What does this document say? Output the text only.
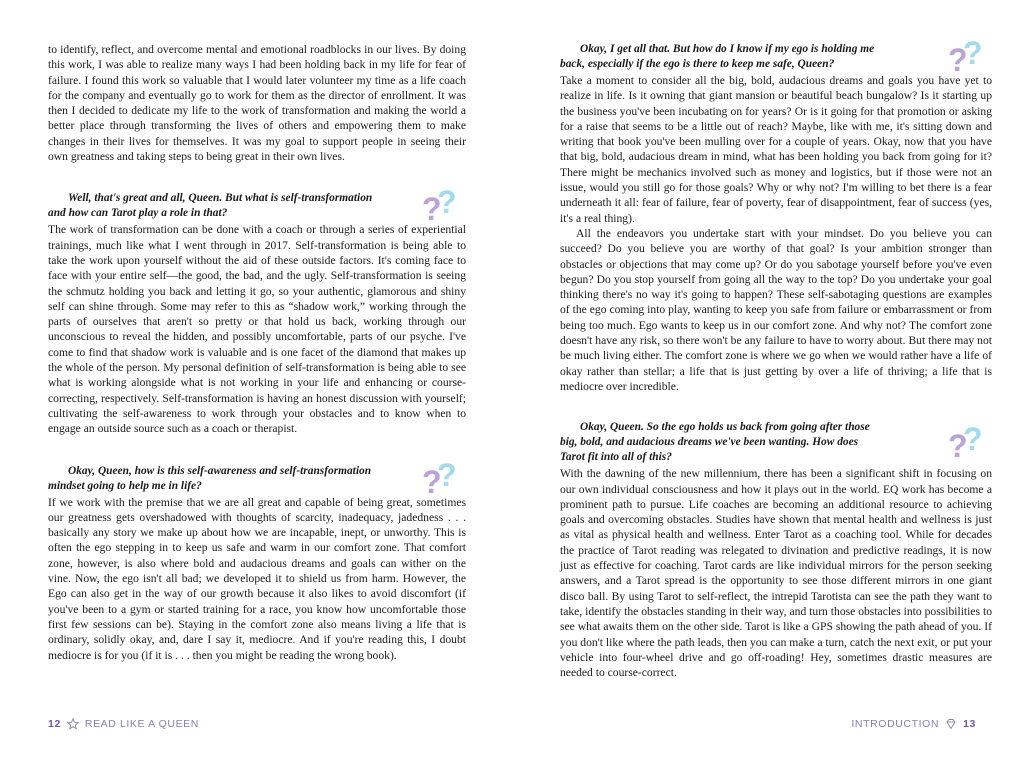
to identify, reflect, and overcome mental and emotional roadblocks in our lives. By doing this work, I was able to realize many ways I had been holding back in my life for fear of failure. I found this work so valuable that I would later volunteer my time as a life coach for the company and eventually go to work for them as the director of enrollment. It was then I decided to dedicate my life to the work of transformation and making the world a better place through transforming the lives of others and empowering them to make changes in their lives for themselves. It was my goal to support people in seeing their own greatness and taking steps to being great in their own lives.

Well, that's great and all, Queen. But what is self-transformation
and how can Tarot play a role in that?

The work of transformation can be done with a coach or through a series of experiential trainings, much like what I went through in 2017. Self-transformation is being able to take the work upon yourself without the aid of these outside factors. It's coming face to face with your entire self—the good, the bad, and the ugly. Self-transformation is seeing the schmutz holding you back and letting it go, so your authentic, glamorous and shiny self can shine through. Some may refer to this as “shadow work,” working through the parts of ourselves that aren't so pretty or that hold us back, working through our unconscious to reveal the hidden, and possibly uncomfortable, parts of our psyche. I've come to find that shadow work is valuable and is one facet of the diamond that makes up the whole of the person. My personal definition of self-transformation is being able to see what is working alongside what is not working in your life and enhancing or course-correcting, respectively. Self-transformation is having an honest discussion with yourself; cultivating the self-awareness to work through your obstacles and to know when to engage an outside source such as a coach or therapist.

Okay, Queen, how is this self-awareness and self-transformation
mindset going to help me in life?

If we work with the premise that we are all great and capable of being great, sometimes our greatness gets overshadowed with thoughts of scarcity, inadequacy, jadedness . . . basically any story we make up about how we are incapable, inept, or unworthy. This is often the ego stepping in to keep us safe and warm in our comfort zone. That comfort zone, however, is also where bold and audacious dreams and goals can wither on the vine. Now, the ego isn't all bad; we developed it to shield us from harm. However, the Ego can also get in the way of our growth because it also likes to avoid discomfort (if you've been to a gym or started training for a race, you know how uncomfortable those first few sessions can be). Staying in the comfort zone also means living a life that is ordinary, solidly okay, and, dare I say it, mediocre. And if you're reading this, I doubt mediocre is for you (if it is . . . then you might be reading the wrong book).

12 READ LIKE A QUEEN
Okay, I get all that. But how do I know if my ego is holding me
back, especially if the ego is there to keep me safe, Queen?

Take a moment to consider all the big, bold, audacious dreams and goals you have yet to realize in life. Is it owning that giant mansion or beautiful beach bungalow? Is it starting up the business you've been incubating on for years? Or is it going for that promotion or asking for a raise that seems to be a little out of reach? Maybe, like with me, it's sitting down and writing that book you've been mulling over for a couple of years. Okay, now that you have that big, bold, audacious dream in mind, what has been holding you back from going for it? There might be mechanics involved such as money and logistics, but if those were not an issue, would you still go for those goals? Why or why not? I'm willing to bet there is a fear underneath it all: fear of failure, fear of poverty, fear of disappointment, fear of success (yes, it's a real thing).

All the endeavors you undertake start with your mindset. Do you believe you can succeed? Do you believe you are worthy of that goal? Is your ambition stronger than obstacles or objections that may come up? Or do you sabotage yourself before you've even begun? Do you stop yourself from going all the way to the top? Do you undertake your goal thinking there's no way it's going to happen? These self-sabotaging questions are examples of the ego coming into play, wanting to keep you safe from failure or embarrassment or from being too much. Ego wants to keep us in our comfort zone. And why not? The comfort zone doesn't have any risk, so there won't be any failure to have to worry about. But there may not be much living either. The comfort zone is where we go when we would rather have a life of okay rather than stellar; a life that is just getting by over a life of thriving; a life that is mediocre over incredible.

Okay, Queen. So the ego holds us back from going after those
big, bold, and audacious dreams we've been wanting. How does
Tarot fit into all of this?

With the dawning of the new millennium, there has been a significant shift in focusing on our own individual consciousness and how it plays out in the world. EQ work has become a prominent path to pursue. Life coaches are becoming an additional resource to achieving goals and overcoming obstacles. Studies have shown that mental health and wellness is just as vital as physical health and wellness. Enter Tarot as a coaching tool. While for decades the practice of Tarot reading was relegated to divination and predictive readings, it is now just as effective for coaching. Tarot cards are like individual mirrors for the person seeking answers, and a Tarot spread is the opportunity to see those different mirrors in one giant disco ball. By using Tarot to self-reflect, the intrepid Tarotista can see the path they want to take, identify the obstacles standing in their way, and turn those obstacles into possibilities to see what awaits them on the other side. Tarot is like a GPS showing the path ahead of you. If you don't like where the path leads, then you can make a turn, catch the next exit, or put your vehicle into four-wheel drive and go off-roading! Hey, sometimes drastic measures are needed to course-correct.

INTRODUCTION 13
